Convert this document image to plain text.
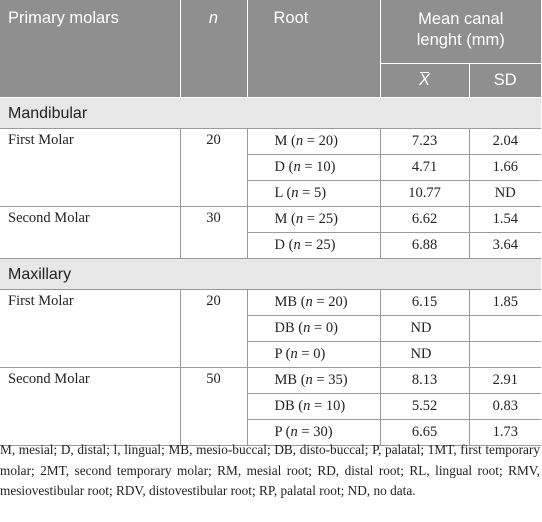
Primary molars	n	Root	Mean canal
lenght (mm)	
			X	SD
Mandibular				
First Molar	20	M (n = 20)	7.23	2.04
		D (n = 10)	4.71	1.66
		L (n = 5)	10.77	ND
Second Molar	30	M (n = 25)	6.62	1.54
		D (n = 25)	6.88	3.64
Maxillary				
First Molar	20	MB (n = 20)	6.15	1.85
		DB (n = 0)	ND	
		P (n = 0)	ND	
Second Molar	50	MB (n = 35)	8.13	2.91
		DB (n = 10)	5.52	0.83
		P (n = 30)	6.65	1.73

M, mesial; D, distal; l, lingual; MB, mesio-buccal; DB, disto-buccal; P, palatal; 1MT, first temporary molar; 2MT, second temporary molar; RM, mesial root; RD, distal root; RL, lingual root; RMV, mesiovestibular root; RDV, distovestibular root; RP, palatal root; ND, no data.
